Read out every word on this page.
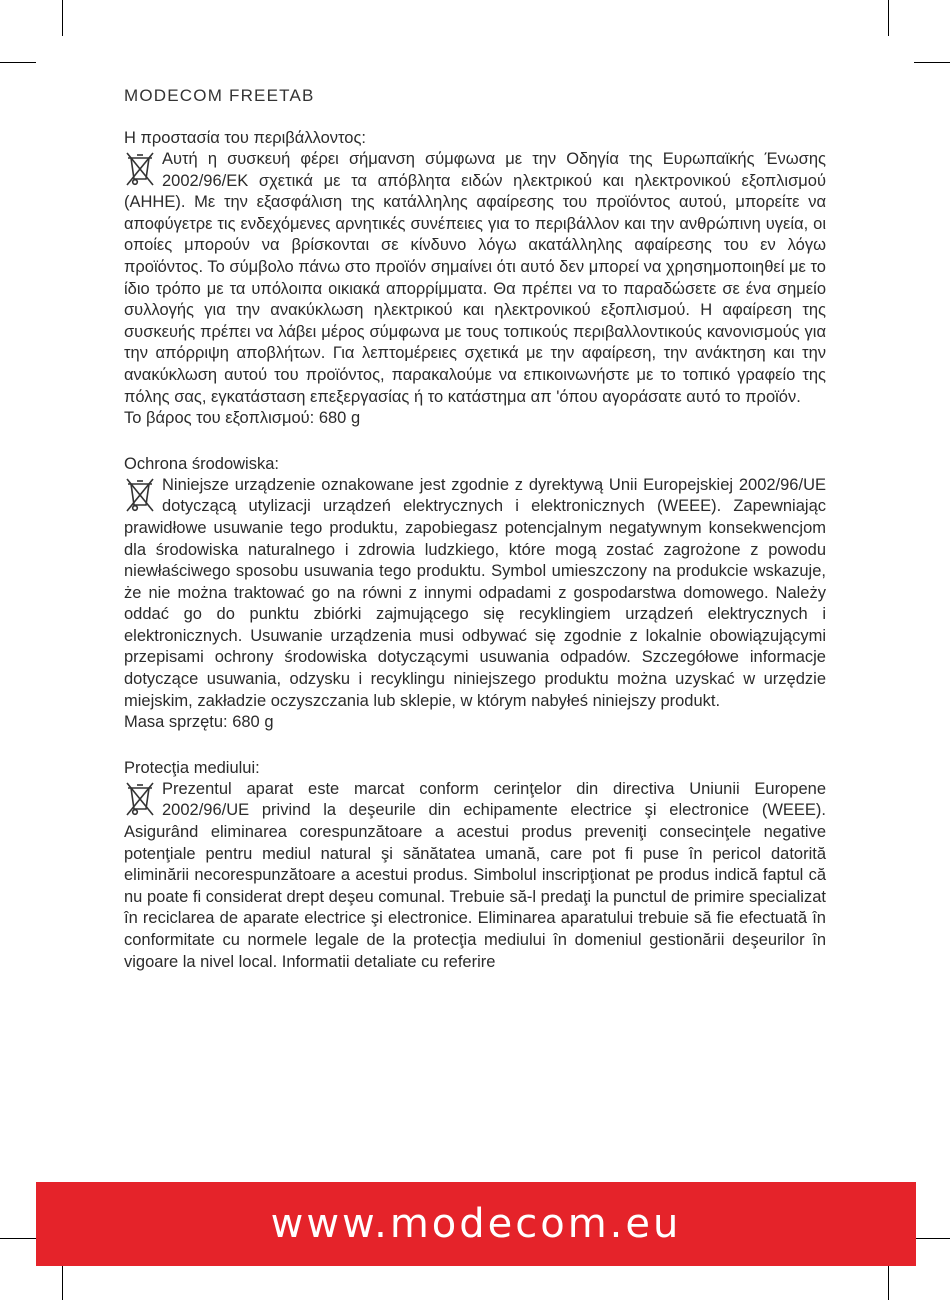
MODECOM FREETAB

Η προστασία του περιβάλλοντος:

Αυτή η συσκευή φέρει σήμανση σύμφωνα με την Οδηγία της Ευρωπαϊκής Ένωσης 2002/96/ΕΚ σχετικά με τα απόβλητα ειδών ηλεκτρικού και ηλεκτρονικού εξοπλισμού (ΑΗΗΕ). Με την εξασφάλιση της κατάλληλης αφαίρεσης του προϊόντος αυτού, μπορείτε να αποφύγετρε τις ενδεχόμενες αρνητικές συνέπειες για το περιβάλλον και την ανθρώπινη υγεία, οι οποίες μπορούν να βρίσκονται σε κίνδυνο λόγω ακατάλληλης αφαίρεσης του εν λόγω προϊόντος. Το σύμβολο πάνω στο προϊόν σημαίνει ότι αυτό δεν μπορεί να χρησημοποιηθεί με το ίδιο τρόπο με τα υπόλοιπα οικιακά απορρίμματα. Θα πρέπει να το παραδώσετε σε ένα σημείο συλλογής για την ανακύκλωση ηλεκτρικού και ηλεκτρονικού εξοπλισμού. Η αφαίρεση της συσκευής πρέπει να λάβει μέρος σύμφωνα με τους τοπικούς περιβαλλοντικούς κανονισμούς για την απόρριψη αποβλήτων. Για λεπτομέρειες σχετικά με την αφαίρεση, την ανάκτηση και την ανακύκλωση αυτού του προϊόντος, παρακαλούμε να επικοινωνήστε με το τοπικό γραφείο της πόλης σας, εγκατάσταση επεξεργασίας ή το κατάστημα απ 'όπου αγοράσατε αυτό το προϊόν.

Το βάρος του εξοπλισμού: 680 g

Ochrona środowiska:

Niniejsze urządzenie oznakowane jest zgodnie z dyrektywą Unii Europejskiej 2002/96/UE dotyczącą utylizacji urządzeń elektrycznych i elektronicznych (WEEE). Zapewniając prawidłowe usuwanie tego produktu, zapobiegasz potencjalnym negatywnym konsekwencjom dla środowiska naturalnego i zdrowia ludzkiego, które mogą zostać zagrożone z powodu niewłaściwego sposobu usuwania tego produktu. Symbol umieszczony na produkcie wskazuje, że nie można traktować go na równi z innymi odpadami z gospodarstwa domowego. Należy oddać go do punktu zbiórki zajmującego się recyklingiem urządzeń elektrycznych i elektronicznych. Usuwanie urządzenia musi odbywać się zgodnie z lokalnie obowiązującymi przepisami ochrony środowiska dotyczącymi usuwania odpadów. Szczegółowe informacje dotyczące usuwania, odzysku i recyklingu niniejszego produktu można uzyskać w urzędzie miejskim, zakładzie oczyszczania lub sklepie, w którym nabyłeś niniejszy produkt.

Masa sprzętu: 680 g

Protecţia mediului:

Prezentul aparat este marcat conform cerinţelor din directiva Uniunii Europene 2002/96/UE privind la deşeurile din echipamente electrice şi electronice (WEEE). Asigurând eliminarea corespunzătoare a acestui produs preveniţi consecinţele negative potenţiale pentru mediul natural şi sănătatea umană, care pot fi puse în pericol datorită eliminării necorespunzătoare a acestui produs. Simbolul inscripţionat pe produs indică faptul că nu poate fi considerat drept deşeu comunal. Trebuie să-l predaţi la punctul de primire specializat în reciclarea de aparate electrice şi electronice. Eliminarea aparatului trebuie să fie efectuată în conformitate cu normele legale de la protecţia mediului în domeniul gestionării deşeurilor în vigoare la nivel local. Informatii detaliate cu referire

www.modecom.eu
